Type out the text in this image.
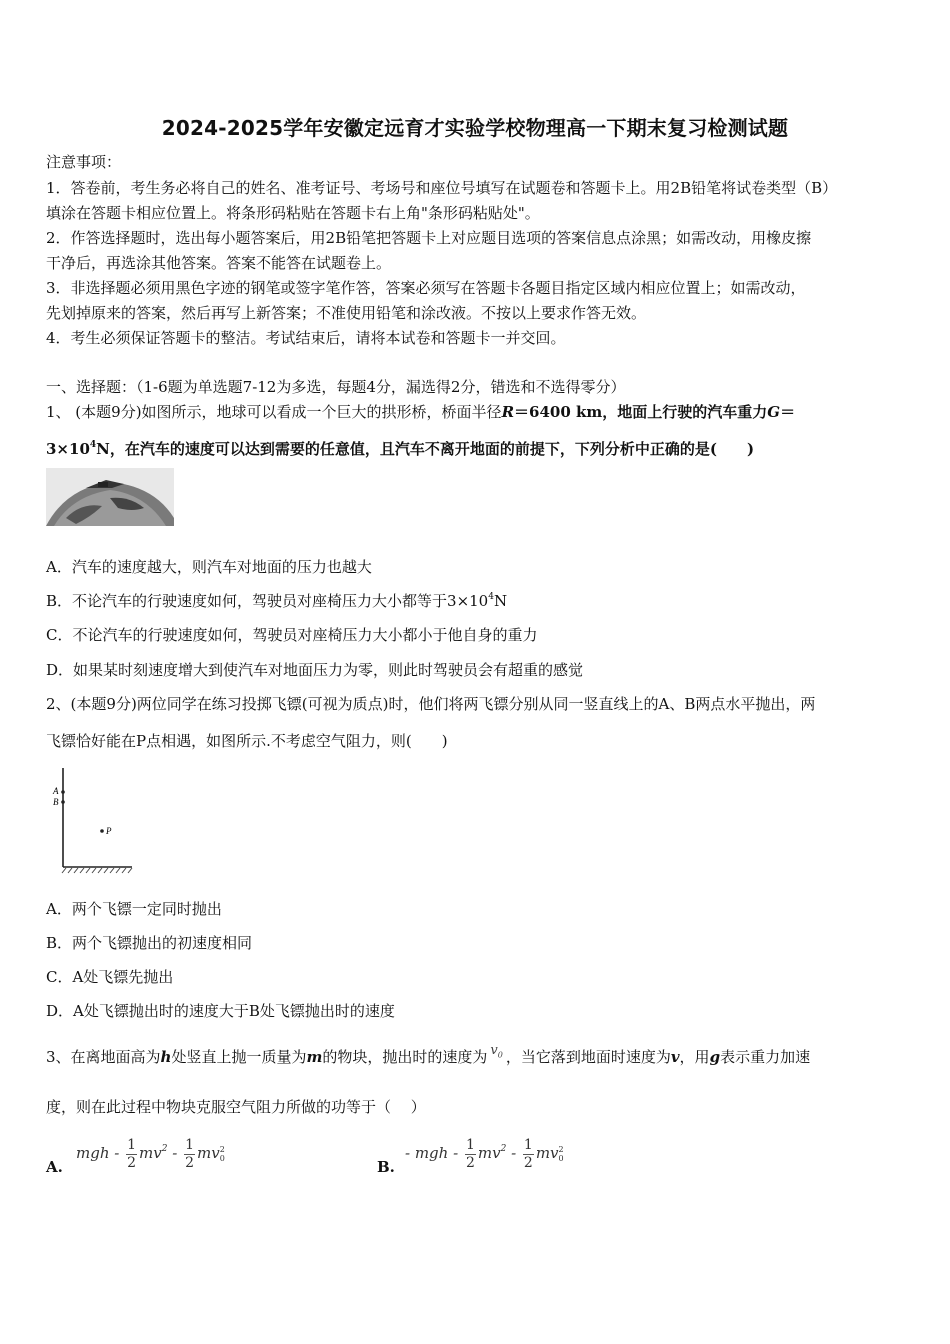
2024-2025学年安徽定远育才实验学校物理高一下期末复习检测试题
注意事项：
1．答卷前，考生务必将自己的姓名、准考证号、考场号和座位号填写在试题卷和答题卡上。用2B铅笔将试卷类型（B）
填涂在答题卡相应位置上。将条形码粘贴在答题卡右上角"条形码粘贴处"。
2．作答选择题时，选出每小题答案后，用2B铅笔把答题卡上对应题目选项的答案信息点涂黑；如需改动，用橡皮擦
干净后，再选涂其他答案。答案不能答在试题卷上。
3．非选择题必须用黑色字迹的钢笔或签字笔作答，答案必须写在答题卡各题目指定区域内相应位置上；如需改动，
先划掉原来的答案，然后再写上新答案；不准使用铅笔和涂改液。不按以上要求作答无效。
4．考生必须保证答题卡的整洁。考试结束后，请将本试卷和答题卡一并交回。
一、选择题：（1-6题为单选题7-12为多选，每题4分，漏选得2分，错选和不选得零分）
1、 (本题9分)如图所示，地球可以看成一个巨大的拱形桥，桥面半径R＝6400 km，地面上行驶的汽车重力G＝
$3\times 10^4N$，在汽车的速度可以达到需要的任意值，且汽车不离开地面的前提下，下列分析中正确的是(　　)
A．汽车的速度越大，则汽车对地面的压力也越大
B．不论汽车的行驶速度如何，驾驶员对座椅压力大小都等于$3\times 10^4N$
C．不论汽车的行驶速度如何，驾驶员对座椅压力大小都小于他自身的重力
D．如果某时刻速度增大到使汽车对地面压力为零，则此时驾驶员会有超重的感觉
2、(本题9分)两位同学在练习投掷飞镖(可视为质点)时，他们将两飞镖分别从同一竖直线上的A、B两点水平抛出，两
飞镖恰好能在P点相遇，如图所示.不考虑空气阻力，则(　　)
A
B
P
A．两个飞镖一定同时抛出
B．两个飞镖抛出的初速度相同
C．A处飞镖先抛出
D．A处飞镖抛出时的速度大于B处飞镖抛出时的速度
3、在离地面高为h处竖直上抛一质量为m的物块，抛出时的速度为 $v_0$ ，当它落到地面时速度为v，用g表示重力加速
度，则在此过程中物块克服空气阻力所做的功等于（　 ）
A.
mgh - $\frac{1}{2} mv^2 - \frac{1}{2}$ mv 2
0	B.
- mgh - $\frac{1}{2} mv^2 - \frac{1}{2}$ mv 2
0
